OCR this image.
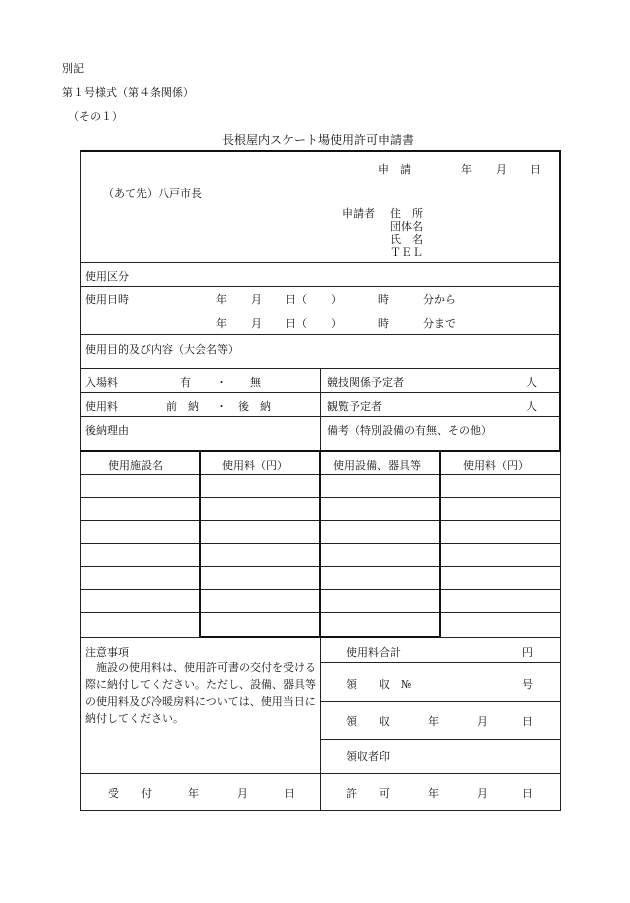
別記
第１号様式（第４条関係）
（その１）
長根屋内スケート場使用許可申請書
申　請	年 月 日
（あて先）八戸市長
申請者 住　所
団体名
氏　名
ＴＥＬ
使用区分
使用日時	年 月 日（ ）	時	分から
年 月 日（ ）	時	分まで
使用目的及び内容（大会名等）
入場料	有 ・ 無	競技関係予定者	人
使用料	前　納 ・ 後　納	観覧予定者	人
後納理由	備考（特別設備の有無、その他）
使用施設名	使用料（円）	使用設備、器具等	使用料（円）
注意事項
　施設の使用料は、使用許可書の交付を受ける際に納付してください。ただし、設備、器具等の使用料及び冷暖房料については、使用当日に納付してください。
使用料合計	円
領　　収　№	号
領　　収	年	月	日
領収者印
受　　付	年	月	日	許　　可	年	月	日
